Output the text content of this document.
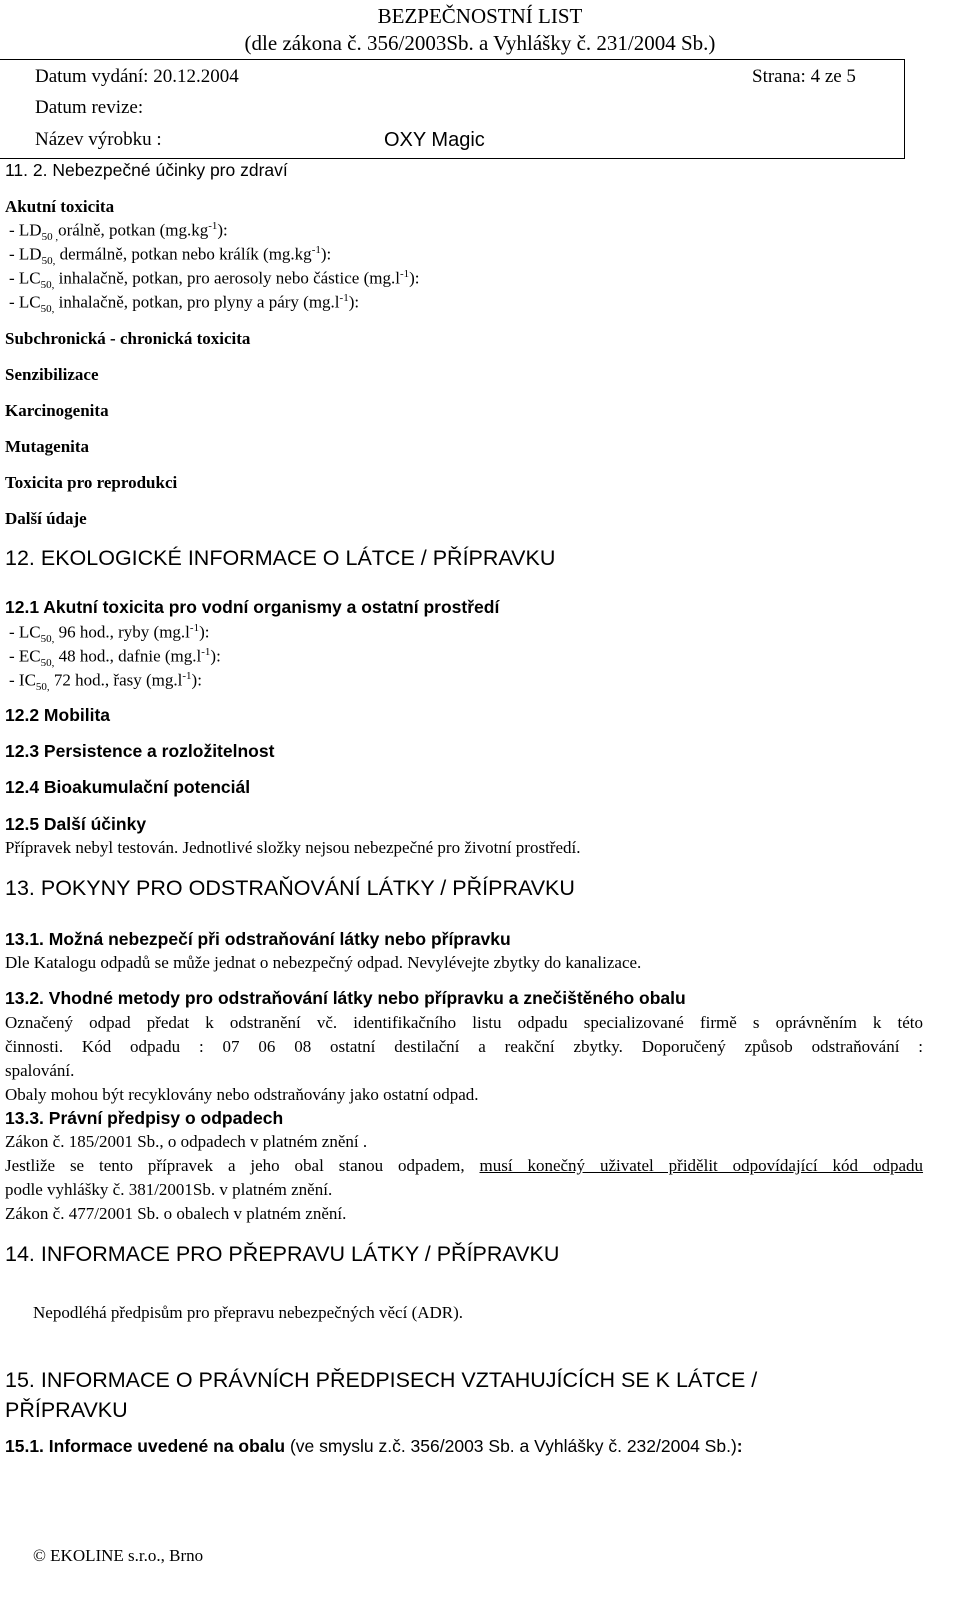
BEZPEČNOSTNÍ LIST
(dle zákona č. 356/2003Sb. a Vyhlášky č. 231/2004 Sb.)
Datum vydání: 20.12.2004	Strana: 4 ze 5
Datum revize:
Název výrobku :	OXY Magic
11. 2. Nebezpečné účinky pro zdraví
Akutní toxicita
- $LD_{50 ,}orá\ln ě$, potkan $(mg.kg^{-1})$:
- $LD_{50,}$ dermálně, potkan nebo králík $(mg.kg^{-1})$:
- $LC_{50,}$ inhalačně, potkan, pro aerosoly nebo částice $(mg.l^{-1})$:
- $LC_{50,}$ inhalačně, potkan, pro plyny a páry $(mg.l^{-1})$:
Subchronická - chronická toxicita
Senzibilizace
Karcinogenita
Mutagenita
Toxicita pro reprodukci
Další údaje
12. EKOLOGICKÉ INFORMACE O LÁTCE / PŘÍPRAVKU
12.1 Akutní toxicita pro vodní organismy a ostatní prostředí
- $LC_{50,}$ 96 hod., ryby $(mg.l^{-1})$:
- $EC_{50,}$ 48 hod., dafnie $(mg.l^{-1})$:
- $IC_{50,}$ 72 hod., řasy $(mg.l^{-1})$:
12.2 Mobilita
12.3 Persistence a rozložitelnost
12.4 Bioakumulační potenciál
12.5 Další účinky
Přípravek nebyl testován. Jednotlivé složky nejsou nebezpečné pro životní prostředí.
13. POKYNY PRO ODSTRAŇOVÁNÍ LÁTKY / PŘÍPRAVKU
13.1. Možná nebezpečí při odstraňování látky nebo přípravku
Dle Katalogu odpadů se může jednat o nebezpečný odpad. Nevylévejte zbytky do kanalizace.
13.2. Vhodné metody pro odstraňování látky nebo přípravku a znečištěného obalu
Označený odpad předat k odstranění vč. identifikačního listu odpadu specializované firmě s oprávněním k této
činnosti. Kód odpadu : 07 06 08 ostatní destilační a reakční zbytky. Doporučený způsob odstraňování :
spalování.
Obaly mohou být recyklovány nebo odstraňovány jako ostatní odpad.
13.3. Právní předpisy o odpadech
Zákon č. 185/2001 Sb., o odpadech v platném znění .
Jestliže se tento přípravek a jeho obal stanou odpadem, musí konečný uživatel přidělit odpovídající kód odpadu
podle vyhlášky č. 381/2001Sb. v platném znění.
Zákon č. 477/2001 Sb. o obalech v platném znění.
14. INFORMACE PRO PŘEPRAVU LÁTKY / PŘÍPRAVKU
Nepodléhá předpisům pro přepravu nebezpečných věcí (ADR).
15. INFORMACE O PRÁVNÍCH PŘEDPISECH VZTAHUJÍCÍCH SE K LÁTCE /
PŘÍPRAVKU
15.1. Informace uvedené na obalu (ve smyslu z.č. 356/2003 Sb. a Vyhlášky č. 232/2004 Sb.):
© EKOLINE s.r.o., Brno
